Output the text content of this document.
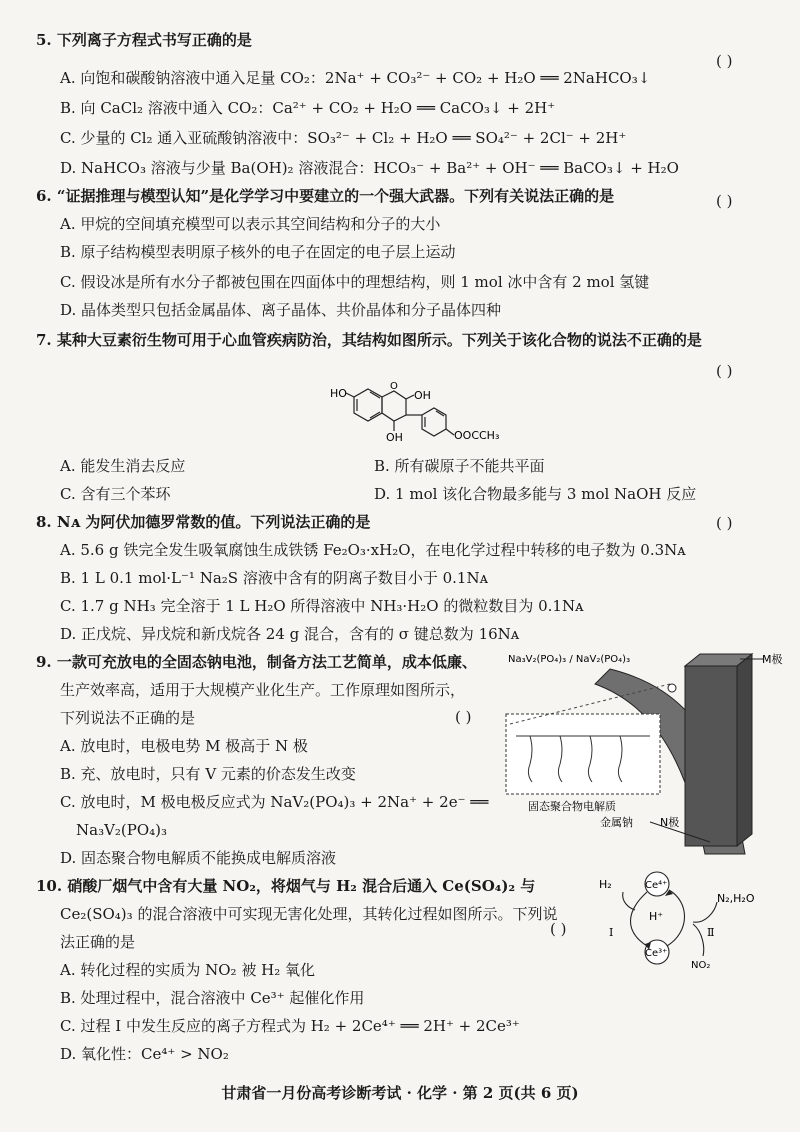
5. 下列离子方程式书写正确的是
( )
A. 向饱和碳酸钠溶液中通入足量 CO₂：2Na⁺ + CO₃²⁻ + CO₂ + H₂O ══ 2NaHCO₃↓
B. 向 CaCl₂ 溶液中通入 CO₂：Ca²⁺ + CO₂ + H₂O ══ CaCO₃↓ + 2H⁺
C. 少量的 Cl₂ 通入亚硫酸钠溶液中：SO₃²⁻ + Cl₂ + H₂O ══ SO₄²⁻ + 2Cl⁻ + 2H⁺
D. NaHCO₃ 溶液与少量 Ba(OH)₂ 溶液混合：HCO₃⁻ + Ba²⁺ + OH⁻ ══ BaCO₃↓ + H₂O
6. “证据推理与模型认知”是化学学习中要建立的一个强大武器。下列有关说法正确的是	( )
A. 甲烷的空间填充模型可以表示其空间结构和分子的大小
B. 原子结构模型表明原子核外的电子在固定的电子层上运动
C. 假设冰是所有水分子都被包围在四面体中的理想结构，则 1 mol 冰中含有 2 mol 氢键
D. 晶体类型只包括金属晶体、离子晶体、共价晶体和分子晶体四种
7. 某种大豆素衍生物可用于心血管疾病防治，其结构如图所示。下列关于该化合物的说法不正确的是
( )
HO
O
OH
OH	OOCCH₃
A. 能发生消去反应	B. 所有碳原子不能共平面
C. 含有三个苯环	D. 1 mol 该化合物最多能与 3 mol NaOH 反应
8. Nᴀ 为阿伏加德罗常数的值。下列说法正确的是	( )
A. 5.6 g 铁完全发生吸氧腐蚀生成铁锈 Fe₂O₃·xH₂O，在电化学过程中转移的电子数为 0.3Nᴀ
B. 1 L 0.1 mol·L⁻¹ Na₂S 溶液中含有的阴离子数目小于 0.1Nᴀ
C. 1.7 g NH₃ 完全溶于 1 L H₂O 所得溶液中 NH₃·H₂O 的微粒数目为 0.1Nᴀ
D. 正戊烷、异戊烷和新戊烷各 24 g 混合，含有的 σ 键总数为 16Nᴀ
9. 一款可充放电的全固态钠电池，制备方法工艺简单，成本低廉、
生产效率高，适用于大规模产业化生产。工作原理如图所示，
下列说法不正确的是	( )
A. 放电时，电极电势 M 极高于 N 极
B. 充、放电时，只有 V 元素的价态发生改变
C. 放电时，M 极电极反应式为 NaV₂(PO₄)₃ + 2Na⁺ + 2e⁻ ══
Na₃V₂(PO₄)₃
D. 固态聚合物电解质不能换成电解质溶液
Na₃V₂(PO₄)₃ / NaV₂(PO₄)₃	M极
固态聚合物电解质
金属钠 N极
10. 硝酸厂烟气中含有大量 NO₂，将烟气与 H₂ 混合后通入 Ce(SO₄)₂ 与
Ce₂(SO₄)₃ 的混合溶液中可实现无害化处理，其转化过程如图所示。下列说
法正确的是
( )
A. 转化过程的实质为 NO₂ 被 H₂ 氧化
B. 处理过程中，混合溶液中 Ce³⁺ 起催化作用
C. 过程 Ⅰ 中发生反应的离子方程式为 H₂ + 2Ce⁴⁺ ══ 2H⁺ + 2Ce³⁺
D. 氧化性：Ce⁴⁺ > NO₂
Ce⁴⁺
Ce³⁺
H₂
H⁺
N₂,H₂O
NO₂
Ⅰ	Ⅱ
甘肃省一月份高考诊断考试 · 化学 · 第 2 页(共 6 页)
